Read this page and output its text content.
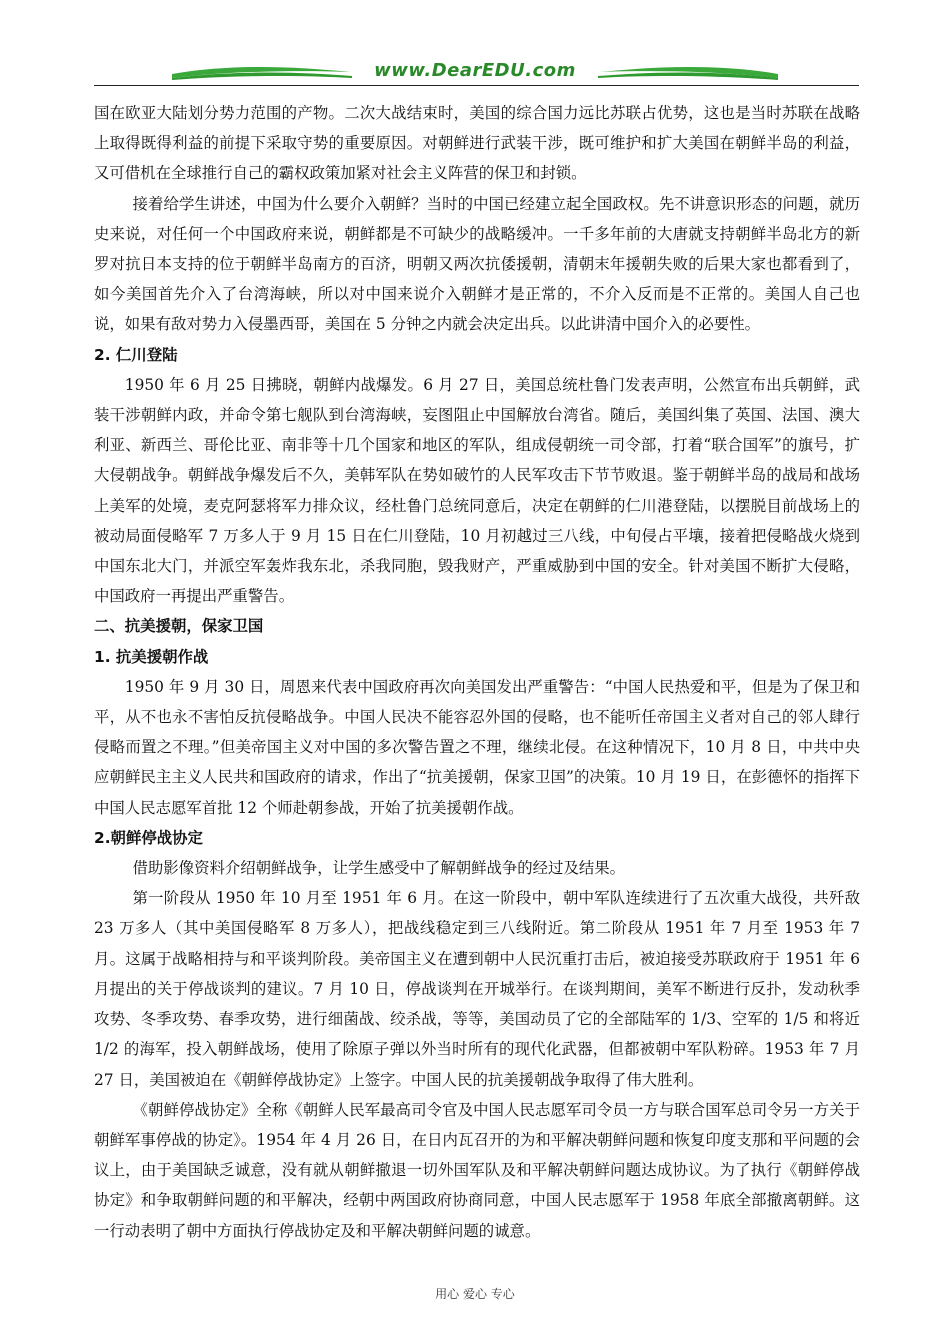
www.DearEDU.com

国在欧亚大陆划分势力范围的产物。二次大战结束时，美国的综合国力远比苏联占优势，这也是当时苏联在战略上取得既得利益的前提下采取守势的重要原因。对朝鲜进行武装干涉，既可维护和扩大美国在朝鲜半岛的利益，又可借机在全球推行自己的霸权政策加紧对社会主义阵营的保卫和封锁。

接着给学生讲述，中国为什么要介入朝鲜？当时的中国已经建立起全国政权。先不讲意识形态的问题，就历史来说，对任何一个中国政府来说，朝鲜都是不可缺少的战略缓冲。一千多年前的大唐就支持朝鲜半岛北方的新罗对抗日本支持的位于朝鲜半岛南方的百济，明朝又两次抗倭援朝，清朝末年援朝失败的后果大家也都看到了，如今美国首先介入了台湾海峡，所以对中国来说介入朝鲜才是正常的，不介入反而是不正常的。美国人自己也说，如果有敌对势力入侵墨西哥，美国在 5 分钟之内就会决定出兵。以此讲清中国介入的必要性。

2. 仁川登陆

1950 年 6 月 25 日拂晓，朝鲜内战爆发。6 月 27 日，美国总统杜鲁门发表声明，公然宣布出兵朝鲜，武装干涉朝鲜内政，并命令第七舰队到台湾海峡，妄图阻止中国解放台湾省。随后，美国纠集了英国、法国、澳大利亚、新西兰、哥伦比亚、南非等十几个国家和地区的军队，组成侵朝统一司令部，打着“联合国军”的旗号，扩大侵朝战争。朝鲜战争爆发后不久，美韩军队在势如破竹的人民军攻击下节节败退。鉴于朝鲜半岛的战局和战场上美军的处境，麦克阿瑟将军力排众议，经杜鲁门总统同意后，决定在朝鲜的仁川港登陆，以摆脱目前战场上的被动局面侵略军 7 万多人于 9 月 15 日在仁川登陆，10 月初越过三八线，中旬侵占平壤，接着把侵略战火烧到中国东北大门，并派空军轰炸我东北，杀我同胞，毁我财产，严重威胁到中国的安全。针对美国不断扩大侵略，中国政府一再提出严重警告。

二、抗美援朝，保家卫国

1. 抗美援朝作战

1950 年 9 月 30 日，周恩来代表中国政府再次向美国发出严重警告：“中国人民热爱和平，但是为了保卫和平，从不也永不害怕反抗侵略战争。中国人民决不能容忍外国的侵略，也不能听任帝国主义者对自己的邻人肆行侵略而置之不理。”但美帝国主义对中国的多次警告置之不理，继续北侵。在这种情况下，10 月 8 日，中共中央应朝鲜民主主义人民共和国政府的请求，作出了“抗美援朝，保家卫国”的决策。10 月 19 日，在彭德怀的指挥下中国人民志愿军首批 12 个师赴朝参战，开始了抗美援朝作战。

2.朝鲜停战协定

借助影像资料介绍朝鲜战争，让学生感受中了解朝鲜战争的经过及结果。

第一阶段从 1950 年 10 月至 1951 年 6 月。在这一阶段中，朝中军队连续进行了五次重大战役，共歼敌 23 万多人（其中美国侵略军 8 万多人），把战线稳定到三八线附近。第二阶段从 1951 年 7 月至 1953 年 7 月。这属于战略相持与和平谈判阶段。美帝国主义在遭到朝中人民沉重打击后，被迫接受苏联政府于 1951 年 6 月提出的关于停战谈判的建议。7 月 10 日，停战谈判在开城举行。在谈判期间，美军不断进行反扑，发动秋季攻势、冬季攻势、春季攻势，进行细菌战、绞杀战，等等，美国动员了它的全部陆军的 1/3、空军的 1/5 和将近 1/2 的海军，投入朝鲜战场，使用了除原子弹以外当时所有的现代化武器，但都被朝中军队粉碎。1953 年 7 月 27 日，美国被迫在《朝鲜停战协定》上签字。中国人民的抗美援朝战争取得了伟大胜利。

《朝鲜停战协定》全称《朝鲜人民军最高司令官及中国人民志愿军司令员一方与联合国军总司令另一方关于朝鲜军事停战的协定》。1954 年 4 月 26 日，在日内瓦召开的为和平解决朝鲜问题和恢复印度支那和平问题的会议上，由于美国缺乏诚意，没有就从朝鲜撤退一切外国军队及和平解决朝鲜问题达成协议。为了执行《朝鲜停战协定》和争取朝鲜问题的和平解决，经朝中两国政府协商同意，中国人民志愿军于 1958 年底全部撤离朝鲜。这一行动表明了朝中方面执行停战协定及和平解决朝鲜问题的诚意。

用心 爱心 专心
